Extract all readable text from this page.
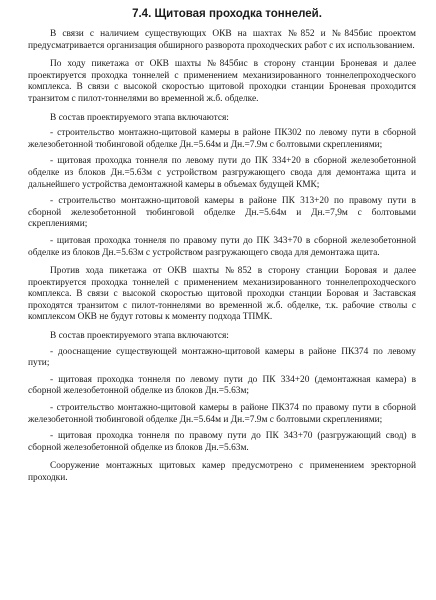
7.4. Щитовая проходка тоннелей.

В связи с наличием существующих ОКВ на шахтах №852 и №845бис проектом предусматривается организация обширного разворота проходческих работ с их использованием.

По ходу пикетажа от ОКВ шахты №845бис в сторону станции Броневая и далее проектируется проходка тоннелей с применением механизированного тоннелепроходческого комплекса. В связи с высокой скоростью щитовой проходки станции Броневая проходится транзитом с пилот-тоннелями во временной ж.б. обделке.

В состав проектируемого этапа включаются:

- строительство монтажно-щитовой камеры в районе ПК302 по левому пути в сборной железобетонной тюбинговой обделке Дн.=5.64м и Дн.=7.9м с болтовыми скреплениями;

- щитовая проходка тоннеля по левому пути до ПК 334+20 в сборной железобетонной обделке из блоков Дн.=5.63м с устройством разгружающего свода для демонтажа щита и дальнейшего устройства демонтажной камеры в объемах будущей КМК;

- строительство монтажно-щитовой камеры в районе ПК 313+20 по правому пути в сборной железобетонной тюбинговой обделке Дн.=5.64м и Дн.=7,9м с болтовыми скреплениями;

- щитовая проходка тоннеля по правому пути до ПК 343+70 в сборной железобетонной обделке из блоков Дн.=5.63м с устройством разгружающего свода для демонтажа щита.

Против хода пикетажа от ОКВ шахты №852 в сторону станции Боровая и далее проектируется проходка тоннелей с применением механизированного тоннелепроходческого комплекса. В связи с высокой скоростью щитовой проходки станции Боровая и Заставская проходятся транзитом с пилот-тоннелями во временной ж.б. обделке, т.к. рабочие стволы с комплексом ОКВ не будут готовы к моменту подхода ТПМК.

В состав проектируемого этапа включаются:

- дооснащение существующей монтажно-щитовой камеры в районе ПК374 по левому пути;

- щитовая проходка тоннеля по левому пути до ПК 334+20 (демонтажная камера) в сборной железобетонной обделке из блоков Дн.=5.63м;

- строительство монтажно-щитовой камеры в районе ПК374 по правому пути в сборной железобетонной тюбинговой обделке Дн.=5.64м и Дн.=7.9м с болтовыми скреплениями;

- щитовая проходка тоннеля по правому пути до ПК 343+70 (разгружающий свод) в сборной железобетонной обделке из блоков Дн.=5.63м.

Сооружение монтажных щитовых камер предусмотрено с применением эректорной проходки.
